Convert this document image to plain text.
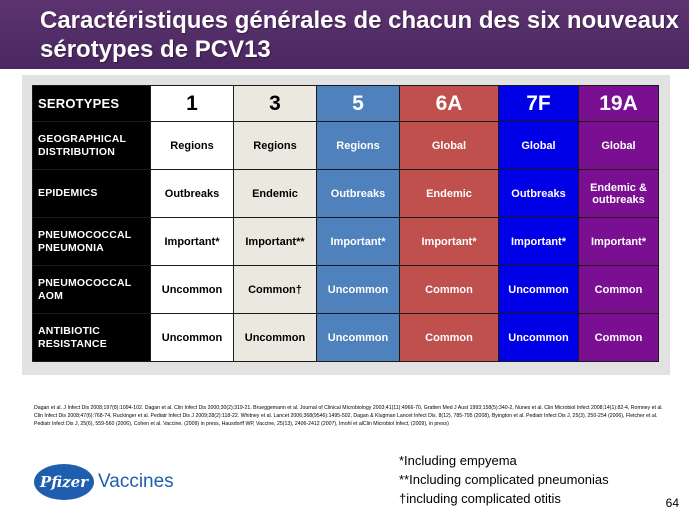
Caractéristiques générales de chacun des six nouveaux sérotypes de PCV13
SEROTYPES	1	3	5	6A	7F	19A
GEOGRAPHICAL DISTRIBUTION	Regions	Regions	Regions	Global	Global	Global
EPIDEMICS	Outbreaks	Endemic	Outbreaks	Endemic	Outbreaks	Endemic & outbreaks
PNEUMOCOCCAL PNEUMONIA	Important*	Important**	Important*	Important*	Important*	Important*
PNEUMOCOCCAL AOM	Uncommon	Common†	Uncommon	Common	Uncommon	Common
ANTIBIOTIC RESISTANCE	Uncommon	Uncommon	Uncommon	Common	Uncommon	Common
Dagan et al. J Infect Dis 2008;197(8):1094-102. Dagan et al. Clin Infect Dis 2000;30(2):319-21. Brueggemann et al. Journal of Clinical Microbiology 2003;41(11):4966-70, Gratten Med J Aust 1993;158(5):340-2, Nunes et al. Clin Microbiol Infect 2008;14(1):82-4, Romney et al. Clin Infect Dis 2008;47(6):768-74, Ruckinger et al. Pediatr Infect Dis J 2009;28(2):118-22. Whitney et al. Lancet 2006;368(9546):1495-502, Dagan & Klugman Lancet Infect Dis. 8(12), 785-795 (2008), Byington et al. Pediatr Infect Dis J, 25(3), 250-254 (2006), Fletcher et al. Pediatr Infect Dis J, 25(6), 559-560 (2006), Cohen et al. Vaccine, (2009) in press, Hausdorff WP, Vaccine, 25(13), 2406-2412 (2007), Imohl et alClin Microbiol Infect, (2009), in press)
Pfizer Vaccines
*Including empyema
**Including complicated pneumonias
†including complicated otitis	64
